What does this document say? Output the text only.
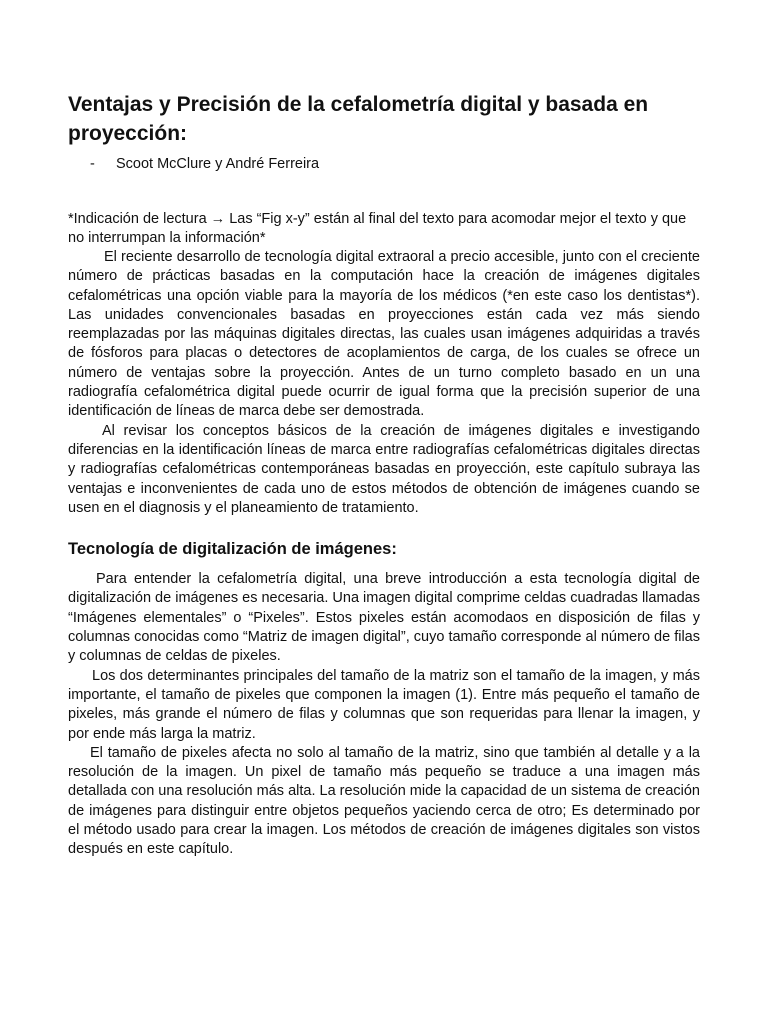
Ventajas y Precisión de la cefalometría digital y basada en proyección:
-	Scoot McClure y André Ferreira

*Indicación de lectura → Las “Fig x-y” están al final del texto para acomodar mejor el texto y que no interrumpan la información*

El reciente desarrollo de tecnología digital extraoral a precio accesible, junto con el creciente número de prácticas basadas en la computación hace la creación de imágenes digitales cefalométricas una opción viable para la mayoría de los médicos (*en este caso los dentistas*). Las unidades convencionales basadas en proyecciones están cada vez más siendo reemplazadas por las máquinas digitales directas, las cuales usan imágenes adquiridas a través de fósforos para placas o detectores de acoplamientos de carga, de los cuales se ofrece un número de ventajas sobre la proyección. Antes de un turno completo basado en un una radiografía cefalométrica digital puede ocurrir de igual forma que la precisión superior de una identificación de líneas de marca debe ser demostrada.

Al revisar los conceptos básicos de la creación de imágenes digitales e investigando diferencias en la identificación líneas de marca entre radiografías cefalométricas digitales directas y radiografías cefalométricas contemporáneas basadas en proyección, este capítulo subraya las ventajas e inconvenientes de cada uno de estos métodos de obtención de imágenes cuando se usen en el diagnosis y el planeamiento de tratamiento.

Tecnología de digitalización de imágenes:

Para entender la cefalometría digital, una breve introducción a esta tecnología digital de digitalización de imágenes es necesaria. Una imagen digital comprime celdas cuadradas llamadas “Imágenes elementales” o “Pixeles”. Estos pixeles están acomodaos en disposición de filas y columnas conocidas como “Matriz de imagen digital”, cuyo tamaño corresponde al número de filas y columnas de celdas de pixeles.

Los dos determinantes principales del tamaño de la matriz son el tamaño de la imagen, y más importante, el tamaño de pixeles que componen la imagen (1). Entre más pequeño el tamaño de pixeles, más grande el número de filas y columnas que son requeridas para llenar la imagen, y por ende más larga la matriz.

El tamaño de pixeles afecta no solo al tamaño de la matriz, sino que también al detalle y a la resolución de la imagen. Un pixel de tamaño más pequeño se traduce a una imagen más detallada con una resolución más alta. La resolución mide la capacidad de un sistema de creación de imágenes para distinguir entre objetos pequeños yaciendo cerca de otro; Es determinado por el método usado para crear la imagen. Los métodos de creación de imágenes digitales son vistos después en este capítulo.
